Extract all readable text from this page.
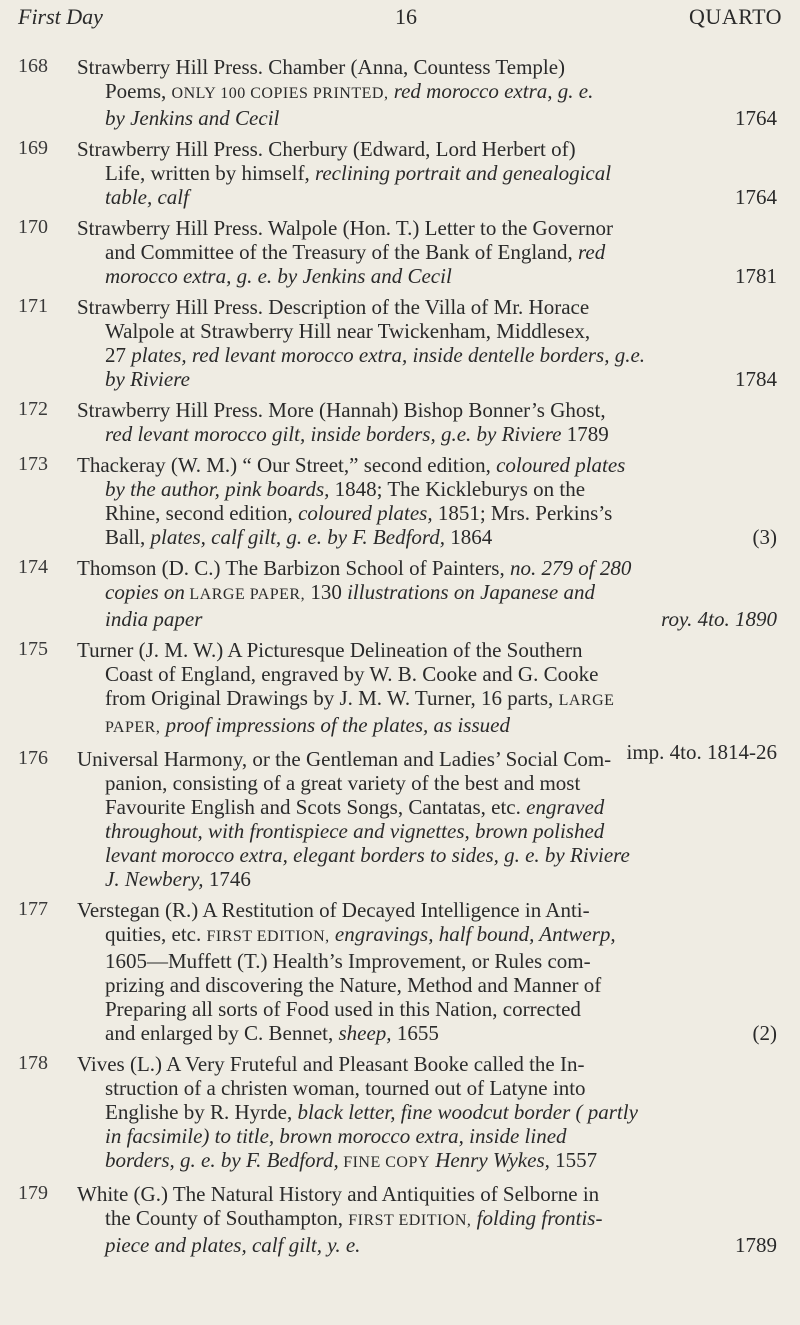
First Day	16	QUARTO
168 Strawberry Hill Press. Chamber (Anna, Countess Temple)
Poems, ONLY 100 COPIES PRINTED, red morocco extra, g. e.
by Jenkins and Cecil	1764
169 Strawberry Hill Press. Cherbury (Edward, Lord Herbert of)
Life, written by himself, reclining portrait and genealogical
table, calf	1764
170 Strawberry Hill Press. Walpole (Hon. T.) Letter to the Governor
and Committee of the Treasury of the Bank of England, red
morocco extra, g. e. by Jenkins and Cecil	1781
171 Strawberry Hill Press. Description of the Villa of Mr. Horace
Walpole at Strawberry Hill near Twickenham, Middlesex,
27 plates, red levant morocco extra, inside dentelle borders, g.e.
by Riviere	1784
172 Strawberry Hill Press. More (Hannah) Bishop Bonner’s Ghost,
red levant morocco gilt, inside borders, g.e. by Riviere 1789
173 Thackeray (W. M.) “ Our Street,” second edition, coloured plates
by the author, pink boards, 1848; The Kickleburys on the
Rhine, second edition, coloured plates, 1851; Mrs. Perkins’s
Ball, plates, calf gilt, g. e. by F. Bedford, 1864	(3)
174 Thomson (D. C.) The Barbizon School of Painters, no. 279 of 280
copies on LARGE PAPER, 130 illustrations on Japanese and
india paper	roy. 4to. 1890
175 Turner (J. M. W.) A Picturesque Delineation of the Southern
Coast of England, engraved by W. B. Cooke and G. Cooke
from Original Drawings by J. M. W. Turner, 16 parts, LARGE
PAPER, proof impressions of the plates, as issued
imp. 4to. 1814-26
176 Universal Harmony, or the Gentleman and Ladies’ Social Com-
panion, consisting of a great variety of the best and most
Favourite English and Scots Songs, Cantatas, etc. engraved
throughout, with frontispiece and vignettes, brown polished
levant morocco extra, elegant borders to sides, g. e. by Riviere
J. Newbery, 1746
177 Verstegan (R.) A Restitution of Decayed Intelligence in Anti-
quities, etc. FIRST EDITION, engravings, half bound, Antwerp,
1605—Muffett (T.) Health’s Improvement, or Rules com-
prizing and discovering the Nature, Method and Manner of
Preparing all sorts of Food used in this Nation, corrected
and enlarged by C. Bennet, sheep, 1655	(2)
178 Vives (L.) A Very Fruteful and Pleasant Booke called the In-
struction of a christen woman, tourned out of Latyne into
Englishe by R. Hyrde, black letter, fine woodcut border ( partly
in facsimile) to title, brown morocco extra, inside lined
borders, g. e. by F. Bedford, FINE COPY Henry Wykes, 1557
179 White (G.) The Natural History and Antiquities of Selborne in
the County of Southampton, FIRST EDITION, folding frontis-
piece and plates, calf gilt, y. e.	1789
